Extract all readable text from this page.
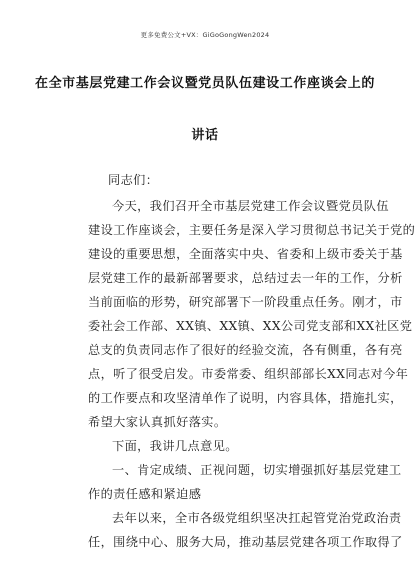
更多免费公文+VX：GiGoGongWen2024
在全市基层党建工作会议暨党员队伍建设工作座谈会上的
讲话
同志们：
今天，我们召开全市基层党建工作会议暨党员队伍
建设工作座谈会，主要任务是深入学习贯彻总书记关于党的
建设的重要思想，全面落实中央、省委和上级市委关于基
层党建工作的最新部署要求，总结过去一年的工作，分析
当前面临的形势，研究部署下一阶段重点任务。刚才，市
委社会工作部、XX镇、XX镇、XX公司党支部和XX社区党
总支的负责同志作了很好的经验交流，各有侧重，各有亮
点，听了很受启发。市委常委、组织部部长XX同志对今年
的工作要点和攻坚清单作了说明，内容具体，措施扎实，
希望大家认真抓好落实。
下面，我讲几点意见。
一、肯定成绩、正视问题，切实增强抓好基层党建工
作的责任感和紧迫感
去年以来，全市各级党组织坚决扛起管党治党政治责
任，围绕中心、服务大局，推动基层党建各项工作取得了
